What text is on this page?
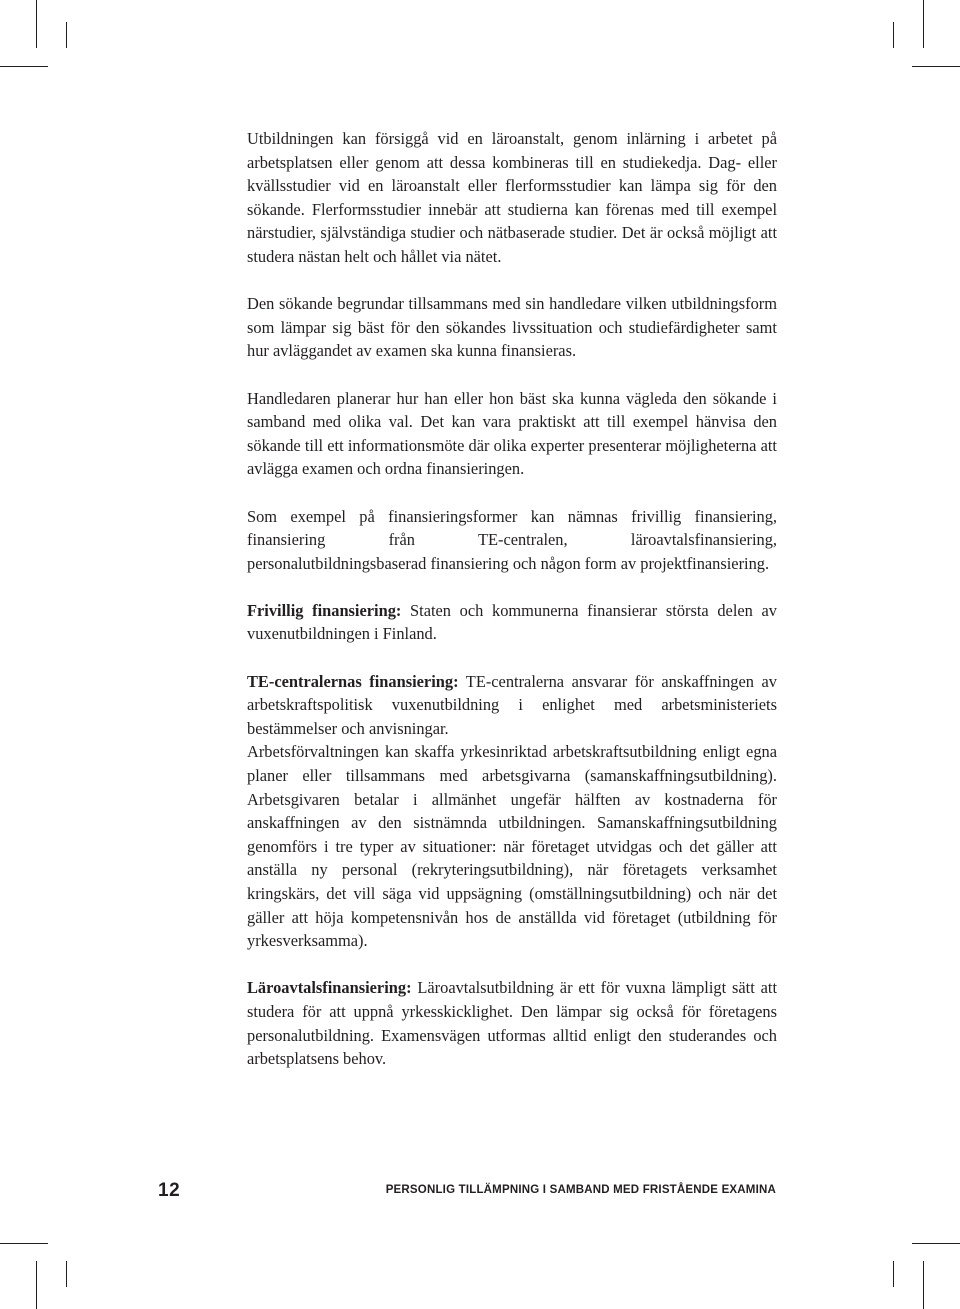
Utbildningen kan försiggå vid en läroanstalt, genom inlärning i arbetet på arbetsplatsen eller genom att dessa kombineras till en studiekedja. Dag- eller kvällsstudier vid en läroanstalt eller flerformsstudier kan lämpa sig för den sökande. Flerformsstudier innebär att studierna kan förenas med till exempel närstudier, självständiga studier och nätbaserade studier. Det är också möjligt att studera nästan helt och hållet via nätet.

Den sökande begrundar tillsammans med sin handledare vilken utbildningsform som lämpar sig bäst för den sökandes livssituation och studiefärdigheter samt hur avläggandet av examen ska kunna finansieras.

Handledaren planerar hur han eller hon bäst ska kunna vägleda den sökande i samband med olika val. Det kan vara praktiskt att till exempel hänvisa den sökande till ett informationsmöte där olika experter presenterar möjligheterna att avlägga examen och ordna finansieringen.

Som exempel på finansieringsformer kan nämnas frivillig finansiering, finansiering från TE-centralen, läroavtalsfinansiering, personalutbildningsbaserad finansiering och någon form av projektfinansiering.

Frivillig finansiering: Staten och kommunerna finansierar största delen av vuxenutbildningen i Finland.

TE-centralernas finansiering: TE-centralerna ansvarar för anskaffningen av arbetskraftspolitisk vuxenutbildning i enlighet med arbetsministeriets bestämmelser och anvisningar.

Arbetsförvaltningen kan skaffa yrkesinriktad arbetskraftsutbildning enligt egna planer eller tillsammans med arbetsgivarna (samanskaffningsutbildning). Arbetsgivaren betalar i allmänhet ungefär hälften av kostnaderna för anskaffningen av den sistnämnda utbildningen. Samanskaffningsutbildning genomförs i tre typer av situationer: när företaget utvidgas och det gäller att anställa ny personal (rekryteringsutbildning), när företagets verksamhet kringskärs, det vill säga vid uppsägning (omställningsutbildning) och när det gäller att höja kompetensnivån hos de anställda vid företaget (utbildning för yrkesverksamma).

Läroavtalsfinansiering: Läroavtalsutbildning är ett för vuxna lämpligt sätt att studera för att uppnå yrkesskicklighet. Den lämpar sig också för företagens personalutbildning. Examensvägen utformas alltid enligt den studerandes och arbetsplatsens behov.

12	PERSONLIG TILLÄMPNING I SAMBAND MED FRISTÅENDE EXAMINA
